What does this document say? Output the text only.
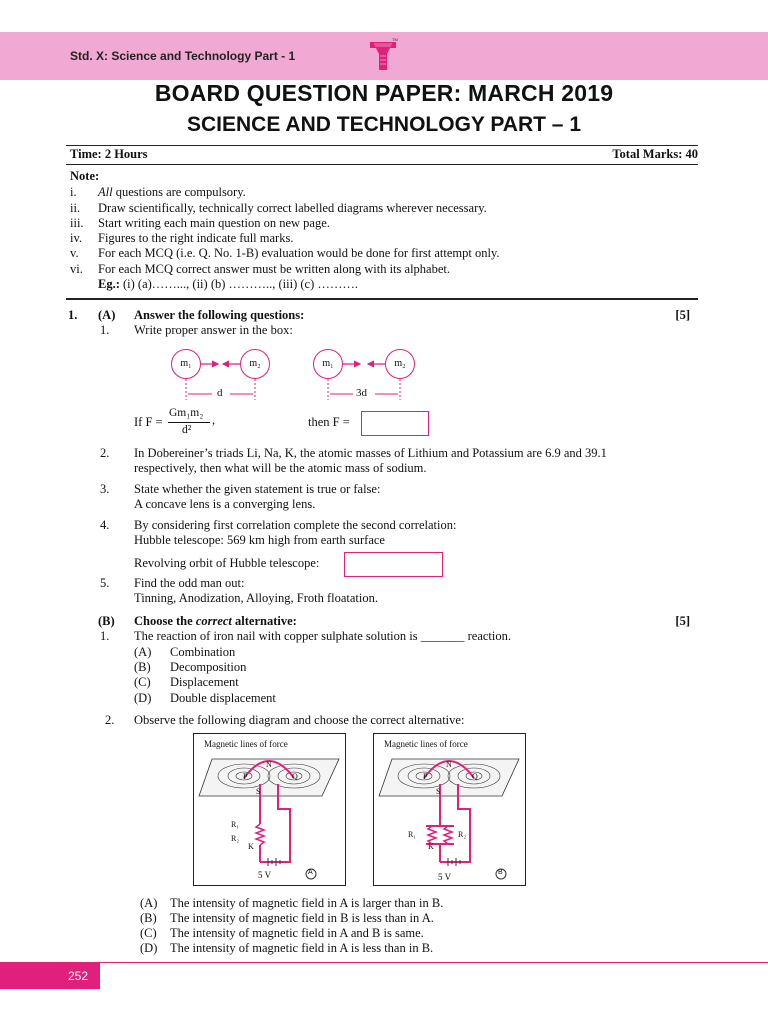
Std. X: Science and Technology Part - 1
TM
BOARD QUESTION PAPER: MARCH 2019
SCIENCE AND TECHNOLOGY PART – 1
Time: 2 Hours	Total Marks: 40
Note:
i.	All questions are compulsory.
ii.	Draw scientifically, technically correct labelled diagrams wherever necessary.
iii.	Start writing each main question on new page.
iv.	Figures to the right indicate full marks.
v.	For each MCQ (i.e. Q. No. 1-B) evaluation would be done for first attempt only.
vi.	For each MCQ correct answer must be written along with its alphabet.
Eg.: (i) (a)……..., (ii) (b) ……….., (iii) (c) ……….
1. (A) Answer the following questions:	[5]
1. Write proper answer in the box:
m₁	m₂	m₁	m₂
d	3d
If F =
Gm₁m₂
d²
,	then F =
2. In Dobereiner’s triads Li, Na, K, the atomic masses of Lithium and Potassium are 6.9 and 39.1
respectively, then what will be the atomic mass of sodium.
3. State whether the given statement is true or false:
A concave lens is a converging lens.
4. By considering first correlation complete the second correlation:
Hubble telescope: 569 km high from earth surface
Revolving orbit of Hubble telescope:
5. Find the odd man out:
Tinning, Anodization, Alloying, Froth floatation.
(B) Choose the correct alternative:	[5]
1. The reaction of iron nail with copper sulphate solution is _______ reaction.
(A) Combination
(B) Decomposition
(C) Displacement
(D) Double displacement
2. Observe the following diagram and choose the correct alternative:
Magnetic lines of force
N
P	Q
S
R₁
R₂
K
5 V	A
Magnetic lines of force
N
P	Q
S
R₁	R₂
K
5 V	B
(A) The intensity of magnetic field in A is larger than in B.
(B) The intensity of magnetic field in B is less than in A.
(C) The intensity of magnetic field in A and B is same.
(D) The intensity of magnetic field in A is less than in B.
252
